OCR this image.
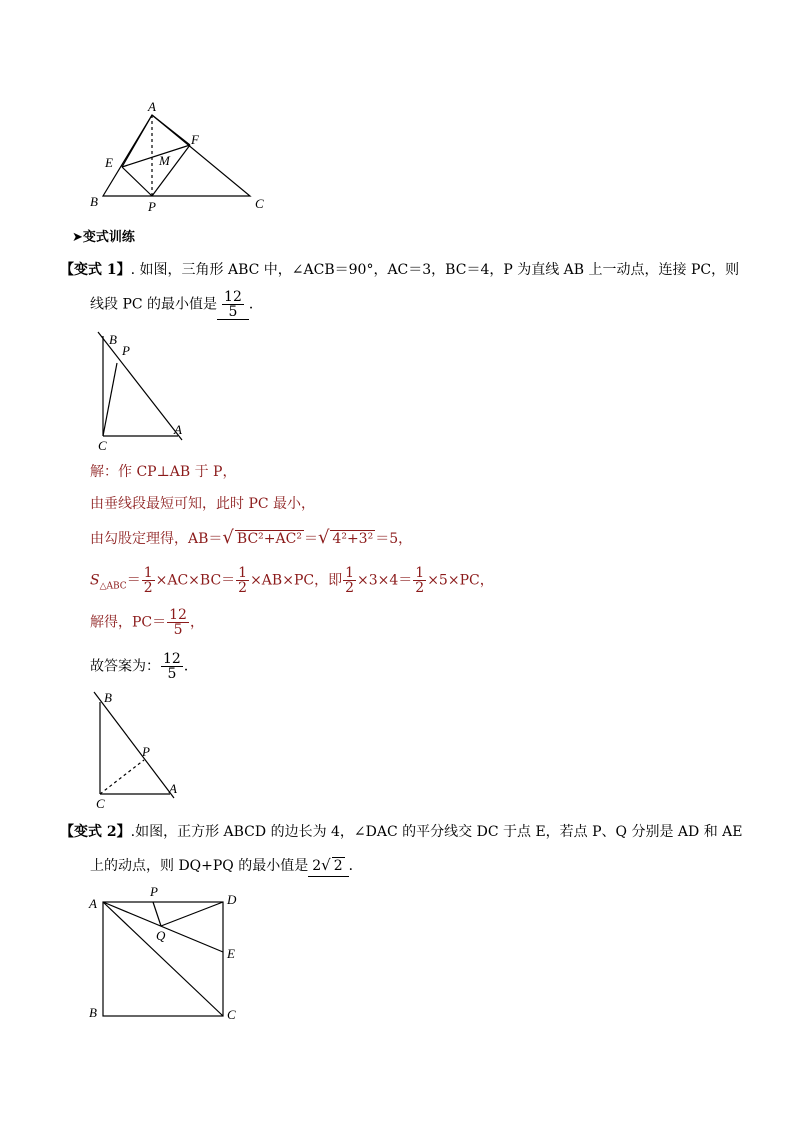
A
B	C
E
F
M
P
➤变式训练
【变式 1】. 如图，三角形 ABC 中，∠ACB＝90°，AC＝3，BC＝4，P 为直线 AB 上一动点，连接 PC，则
线段 PC 的最小值是 $\frac{12}{5}$ ．
B
P
C
A
解：作 CP⊥AB 于 P，
由垂线段最短可知，此时 PC 最小，
由勾股定理得，AB＝√ BC²+AC² ＝√ 4²+3² ＝5，
$S_{\triangle ABC}= \frac{1}{2} \times AC\times BC= \frac{1}{2} \times AB\times PC$，即 $\frac{1}{2} \times 3\times 4= \frac{1}{2} \times 5\times PC$，
解得，$PC= \frac{12}{5}$ ，
故答案为： $\frac{12}{5}$ ．
B
P
C
A
【变式 2】.如图，正方形 ABCD 的边长为 4，∠DAC 的平分线交 DC 于点 E，若点 P、Q 分别是 AD 和 AE
上的动点，则 DQ+PQ 的最小值是 2√ 2 ．
A
P
D
Q
E
B	C
